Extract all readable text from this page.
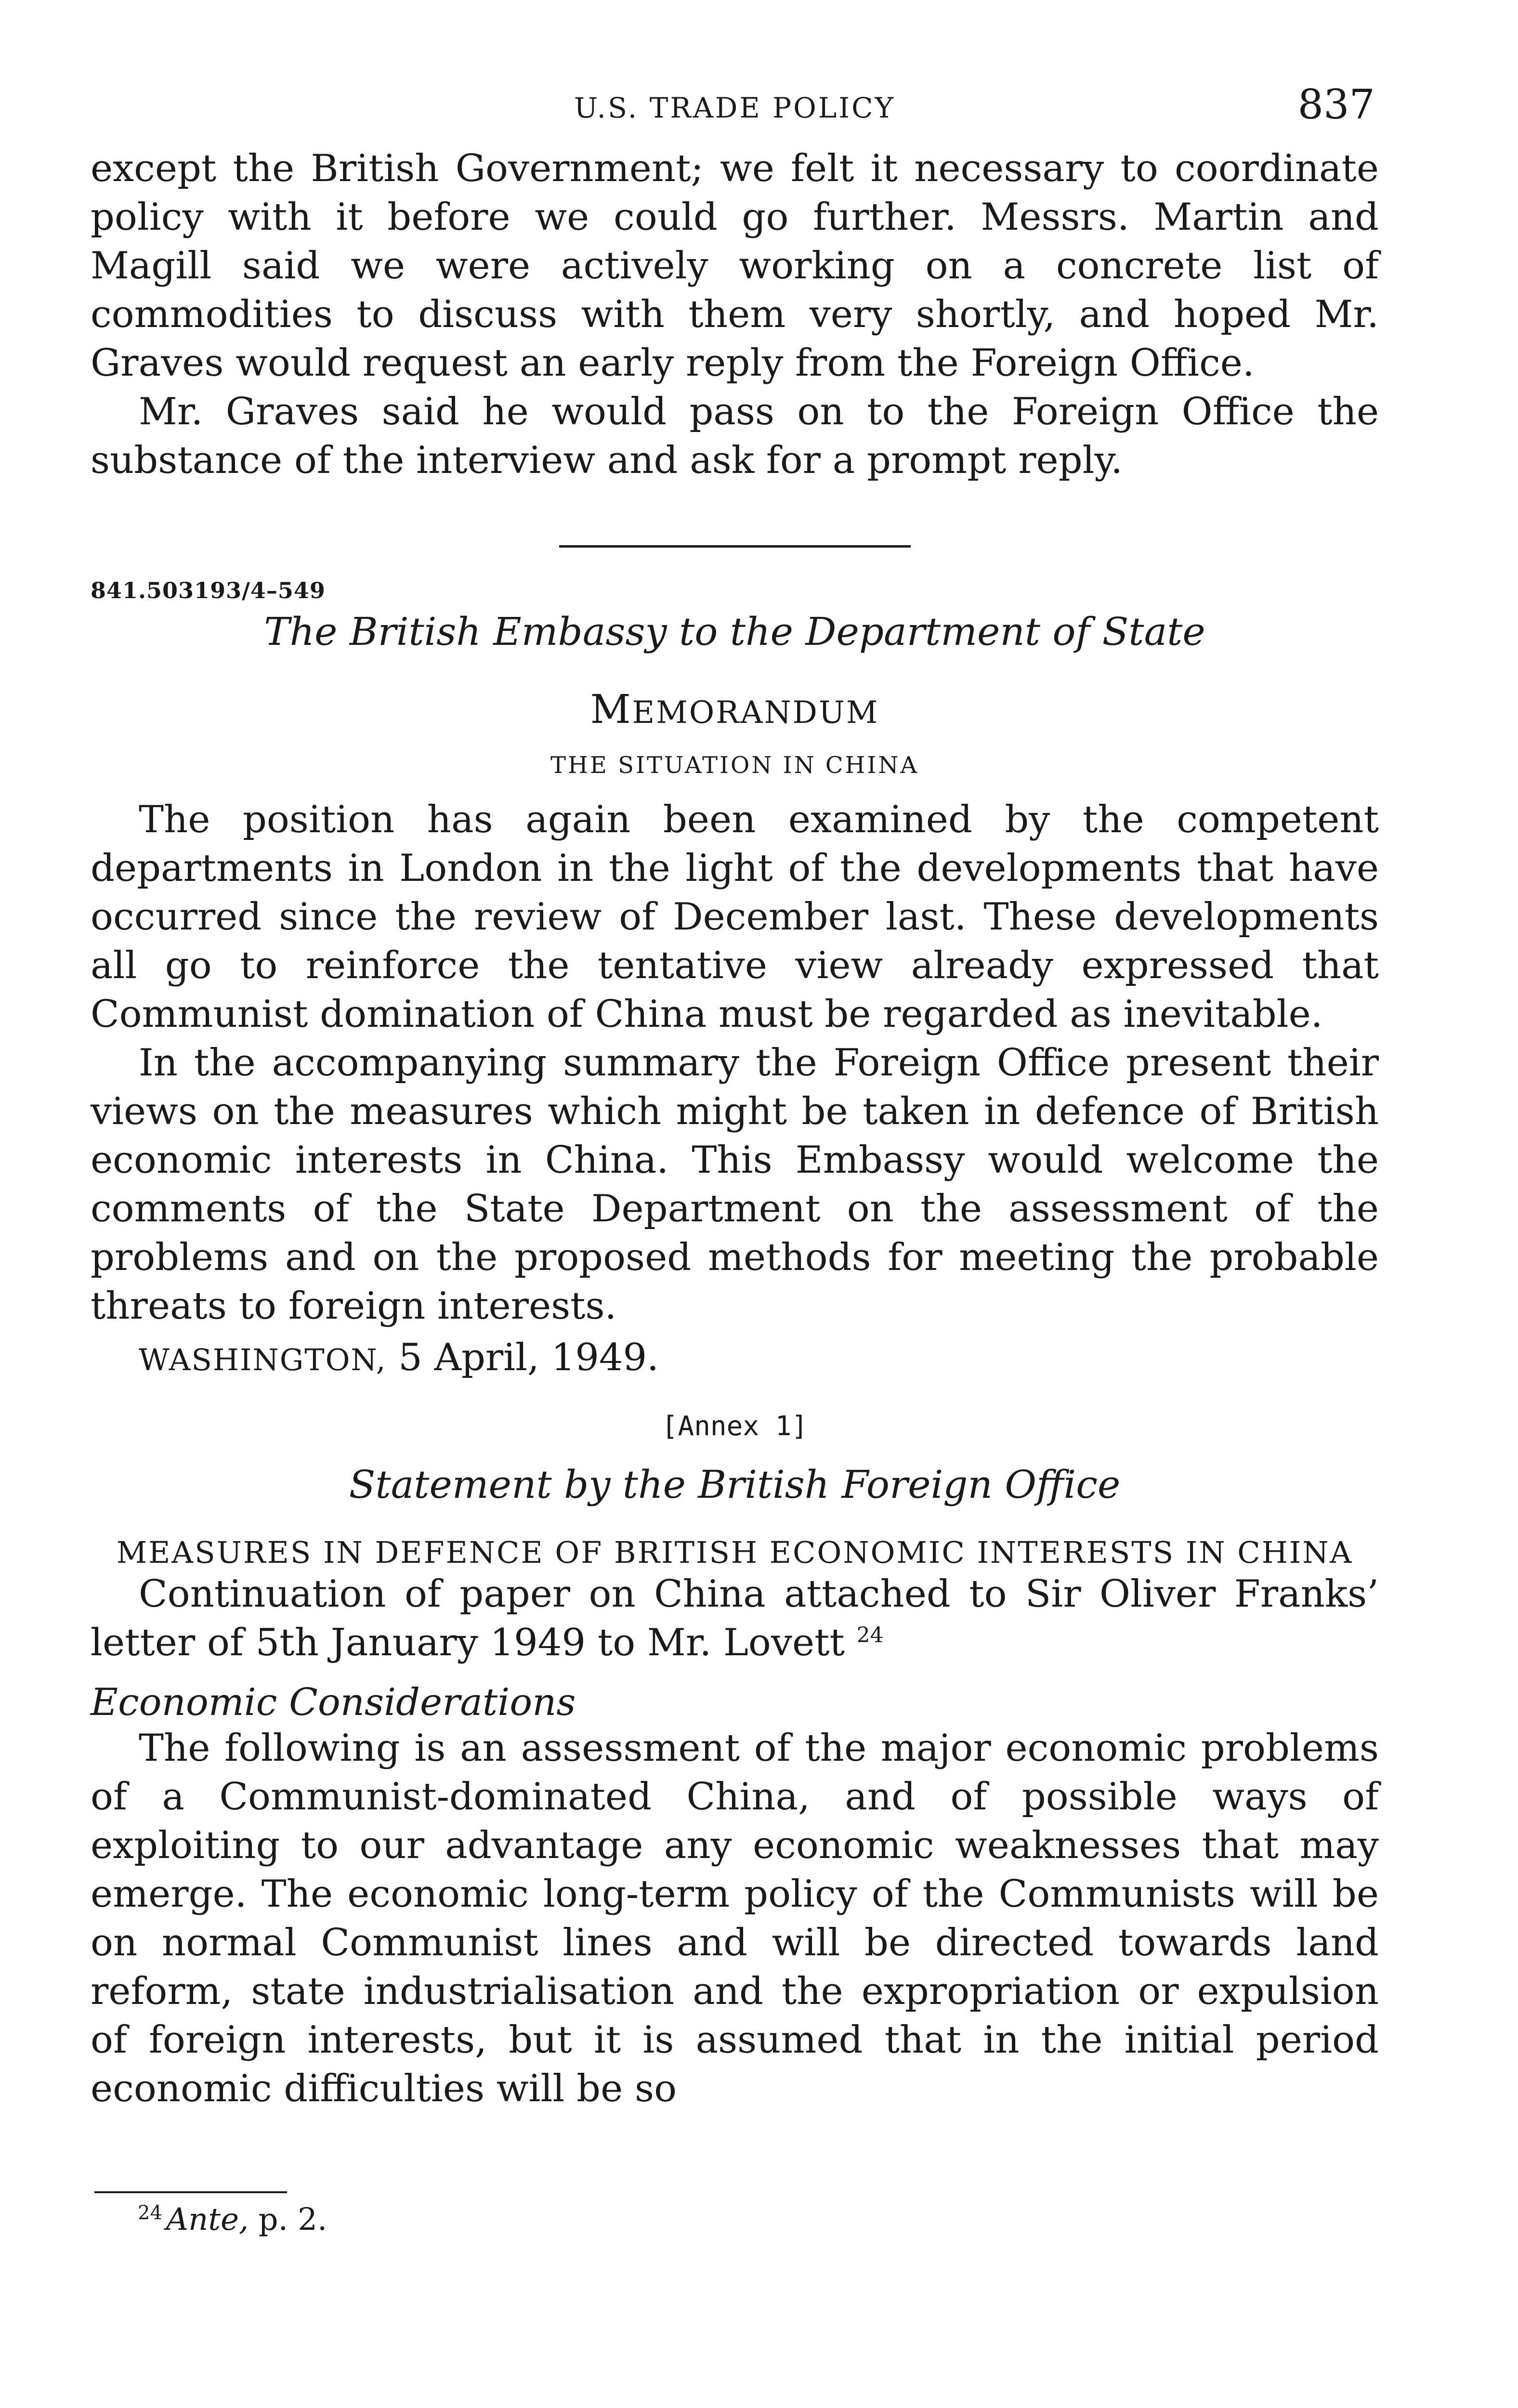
U.S. TRADE POLICY	837

except the British Government; we felt it necessary to coordinate policy with it before we could go further. Messrs. Martin and Magill said we were actively working on a concrete list of commodities to discuss with them very shortly, and hoped Mr. Graves would request an early reply from the Foreign Office.

Mr. Graves said he would pass on to the Foreign Office the substance of the interview and ask for a prompt reply.

841.503193/4–549
The British Embassy to the Department of State
MEMORANDUM
THE SITUATION IN CHINA

The position has again been examined by the competent departments in London in the light of the developments that have occurred since the review of December last. These developments all go to reinforce the tentative view already expressed that Communist domination of China must be regarded as inevitable.

In the accompanying summary the Foreign Office present their views on the measures which might be taken in defence of British economic interests in China. This Embassy would welcome the comments of the State Department on the assessment of the problems and on the proposed methods for meeting the probable threats to foreign interests.

WASHINGTON, 5 April, 1949.
[Annex 1]
Statement by the British Foreign Office
MEASURES IN DEFENCE OF BRITISH ECONOMIC INTERESTS IN CHINA

Continuation of paper on China attached to Sir Oliver Franks’ letter of 5th January 1949 to Mr. Lovett $^{24}$

Economic Considerations

The following is an assessment of the major economic problems of a Communist-dominated China, and of possible ways of exploiting to our advantage any economic weaknesses that may emerge. The economic long-term policy of the Communists will be on normal Communist lines and will be directed towards land reform, state industrialisation and the expropriation or expulsion of foreign interests, but it is assumed that in the initial period economic difficulties will be so

$^{24}$ Ante, p. 2.
